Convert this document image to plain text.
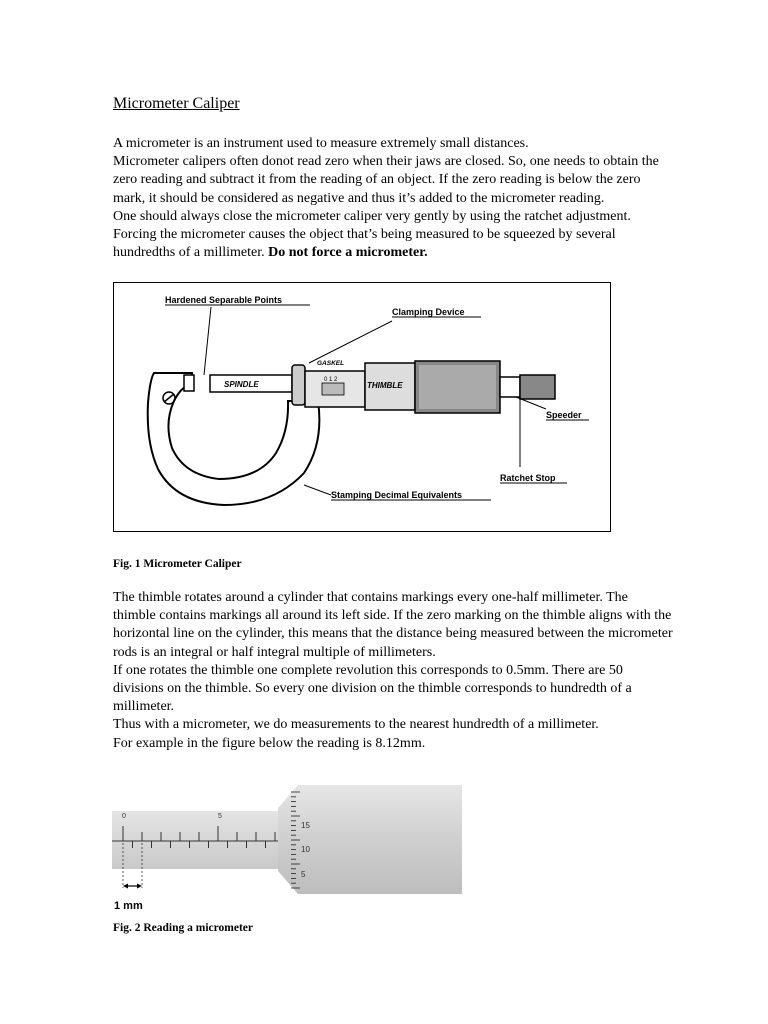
Micrometer Caliper

A micrometer is an instrument used to measure extremely small distances.

Micrometer calipers often donot read zero when their jaws are closed. So, one needs to obtain the zero reading and subtract it from the reading of an object. If the zero reading is below the zero mark, it should be considered as negative and thus it’s added to the micrometer reading.

One should always close the micrometer caliper very gently by using the ratchet adjustment. Forcing the micrometer causes the object that’s being measured to be squeezed by several hundredths of a millimeter. Do not force a micrometer.

SPINDLE	0 1 2
THIMBLE
Hardened Separable Points
Clamping Device
GASKEL
Speeder
Ratchet Stop
Stamping Decimal Equivalents
Fig. 1 Micrometer Caliper

The thimble rotates around a cylinder that contains markings every one-half millimeter. The thimble contains markings all around its left side. If the zero marking on the thimble aligns with the horizontal line on the cylinder, this means that the distance being measured between the micrometer rods is an integral or half integral multiple of millimeters.

If one rotates the thimble one complete revolution this corresponds to 0.5mm. There are 50 divisions on the thimble. So every one division on the thimble corresponds to hundredth of a millimeter.

Thus with a micrometer, we do measurements to the nearest hundredth of a millimeter.

For example in the figure below the reading is 8.12mm.

0	5
15
10
5
1 mm
Fig. 2 Reading a micrometer
